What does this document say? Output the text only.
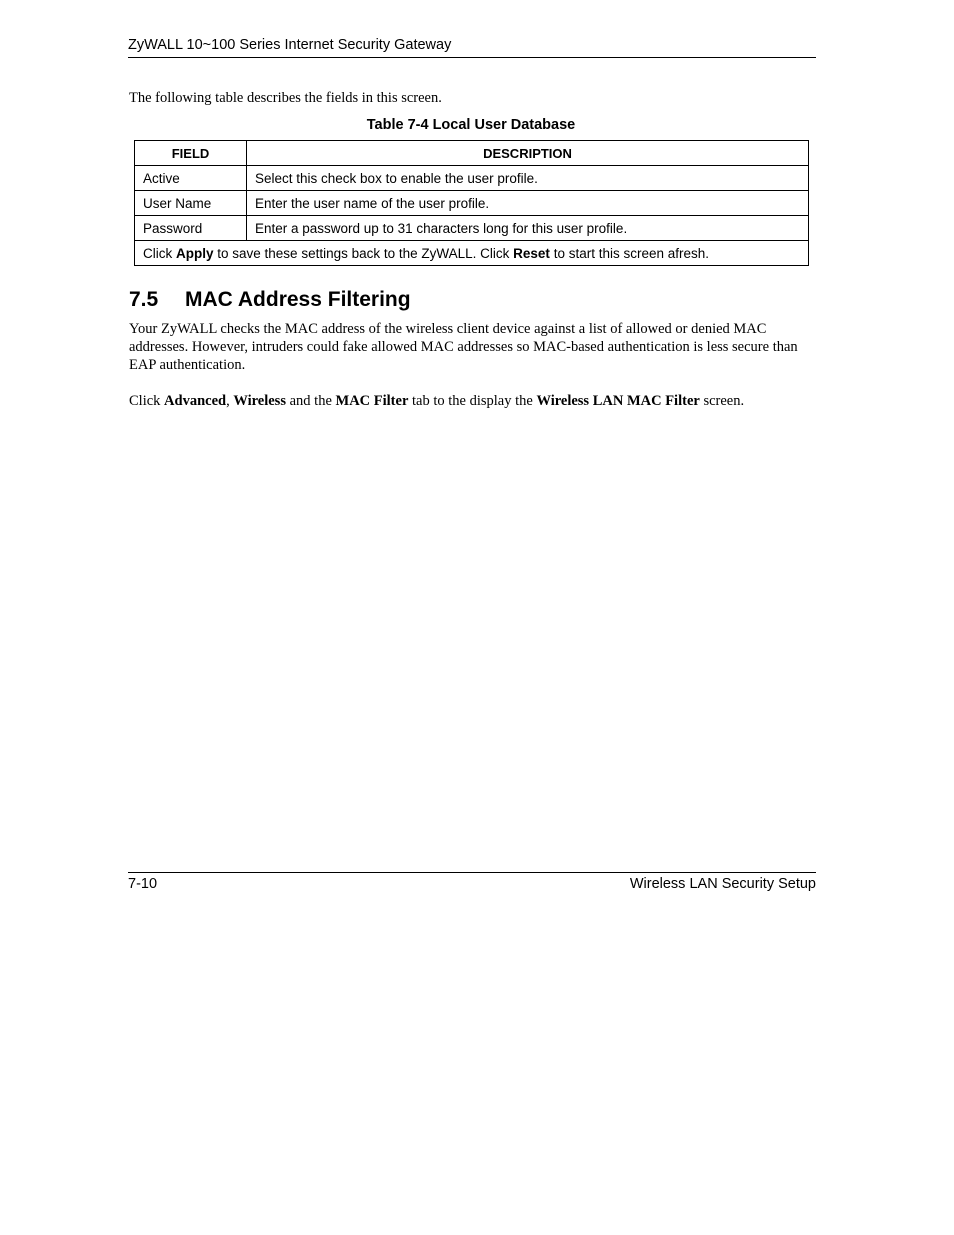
ZyWALL 10~100 Series Internet Security Gateway
The following table describes the fields in this screen.
Table 7-4 Local User Database
FIELD	DESCRIPTION
Active	Select this check box to enable the user profile.
User Name	Enter the user name of the user profile.
Password	Enter a password up to 31 characters long for this user profile.
Click Apply to save these settings back to the ZyWALL. Click Reset to start this screen afresh.	
7.5 MAC Address Filtering
Your ZyWALL checks the MAC address of the wireless client device against a list of allowed or denied MAC addresses. However, intruders could fake allowed MAC addresses so MAC-based authentication is less secure than EAP authentication.
Click Advanced, Wireless and the MAC Filter tab to the display the Wireless LAN MAC Filter screen.
7-10	Wireless LAN Security Setup
